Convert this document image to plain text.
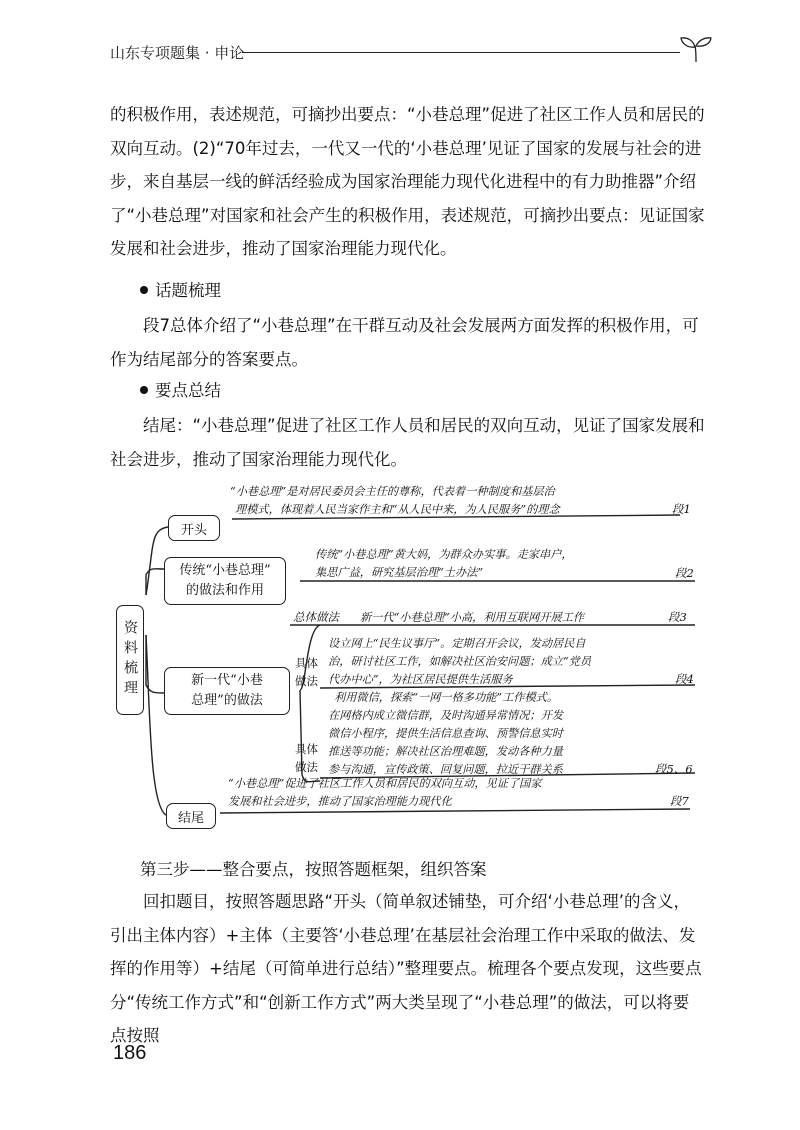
山东专项题集 · 申论
的积极作用，表述规范，可摘抄出要点：“小巷总理”促进了社区工作人员和居民的双向互动。(2)“70年过去，一代又一代的‘小巷总理’见证了国家的发展与社会的进步，来自基层一线的鲜活经验成为国家治理能力现代化进程中的有力助推器”介绍了“小巷总理”对国家和社会产生的积极作用，表述规范，可摘抄出要点：见证国家发展和社会进步，推动了国家治理能力现代化。
话题梳理
段7总体介绍了“小巷总理”在干群互动及社会发展两方面发挥的积极作用，可作为结尾部分的答案要点。
要点总结
结尾：“小巷总理”促进了社区工作人员和居民的双向互动，见证了国家发展和社会进步，推动了国家治理能力现代化。
资料梳理
开头
“小巷总理”是对居民委员会主任的尊称，代表着一种制度和基层治
理模式，体现着人民当家作主和“从人民中来，为人民服务”的理念	段1
传统“小巷总理”
的做法和作用
传统“小巷总理”黄大妈，为群众办实事。走家串户，
集思广益，研究基层治理“土办法”	段2
新一代“小巷
总理”的做法
总体做法 新一代“小巷总理”小高，利用互联网开展工作	段3
具体做法
设立网上“民生议事厅”。定期召开会议，发动居民自
治，研讨社区工作，如解决社区治安问题；成立“党员
代办中心”，为社区居民提供生活服务	段4
具体做法
利用微信，探索“一网一格多功能”工作模式。
在网格内成立微信群，及时沟通异常情况；开发
微信小程序，提供生活信息查询、预警信息实时
推送等功能；解决社区治理难题，发动各种力量
参与沟通，宣传政策、回复问题，拉近干群关系	段5、6
结尾
“小巷总理”促进了社区工作人员和居民的双向互动，见证了国家
发展和社会进步，推动了国家治理能力现代化	段7
第三步——整合要点，按照答题框架，组织答案
回扣题目，按照答题思路“开头（简单叙述铺垫，可介绍‘小巷总理’的含义，引出主体内容）+主体（主要答‘小巷总理’在基层社会治理工作中采取的做法、发挥的作用等）+结尾（可简单进行总结）”整理要点。梳理各个要点发现，这些要点分“传统工作方式”和“创新工作方式”两大类呈现了“小巷总理”的做法，可以将要点按照
186
